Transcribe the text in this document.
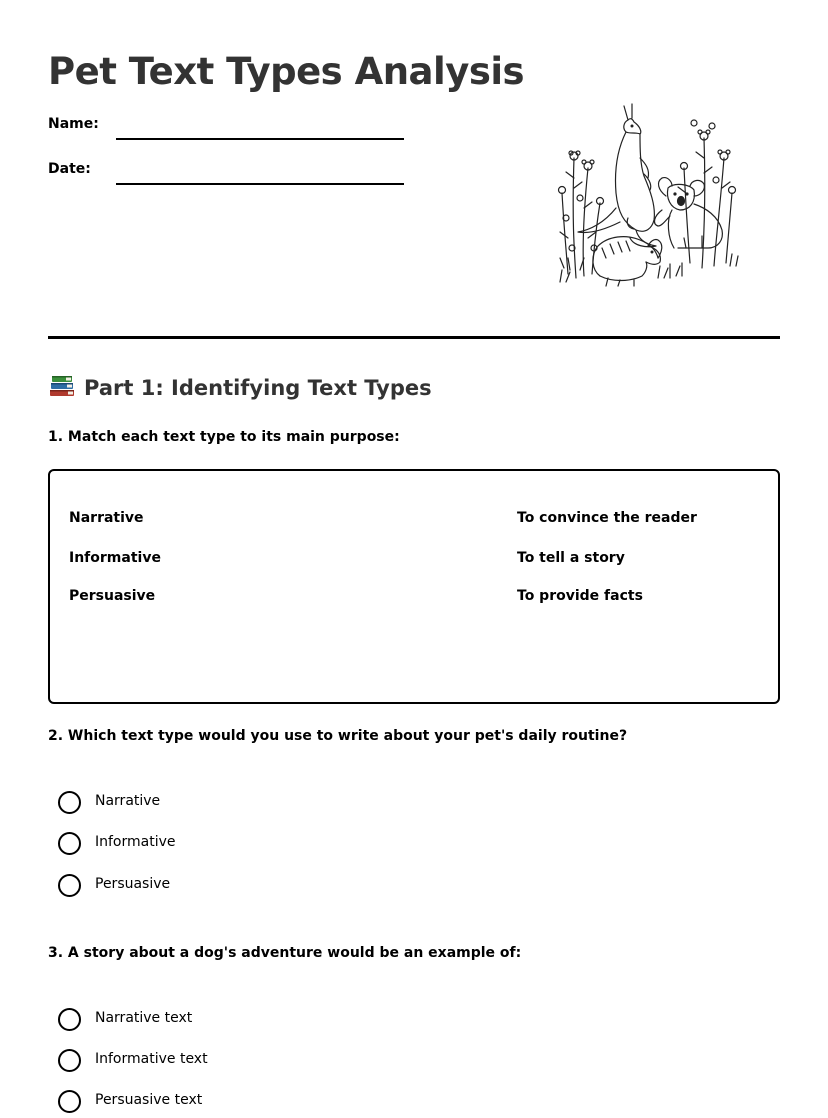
Pet Text Types Analysis
Name:
Date:
Part 1: Identifying Text Types

1. Match each text type to its main purpose:

Narrative
Informative
Persuasive
To convince the reader
To tell a story
To provide facts

2. Which text type would you use to write about your pet's daily routine?

Narrative
Informative
Persuasive

3. A story about a dog's adventure would be an example of:

Narrative text
Informative text
Persuasive text
